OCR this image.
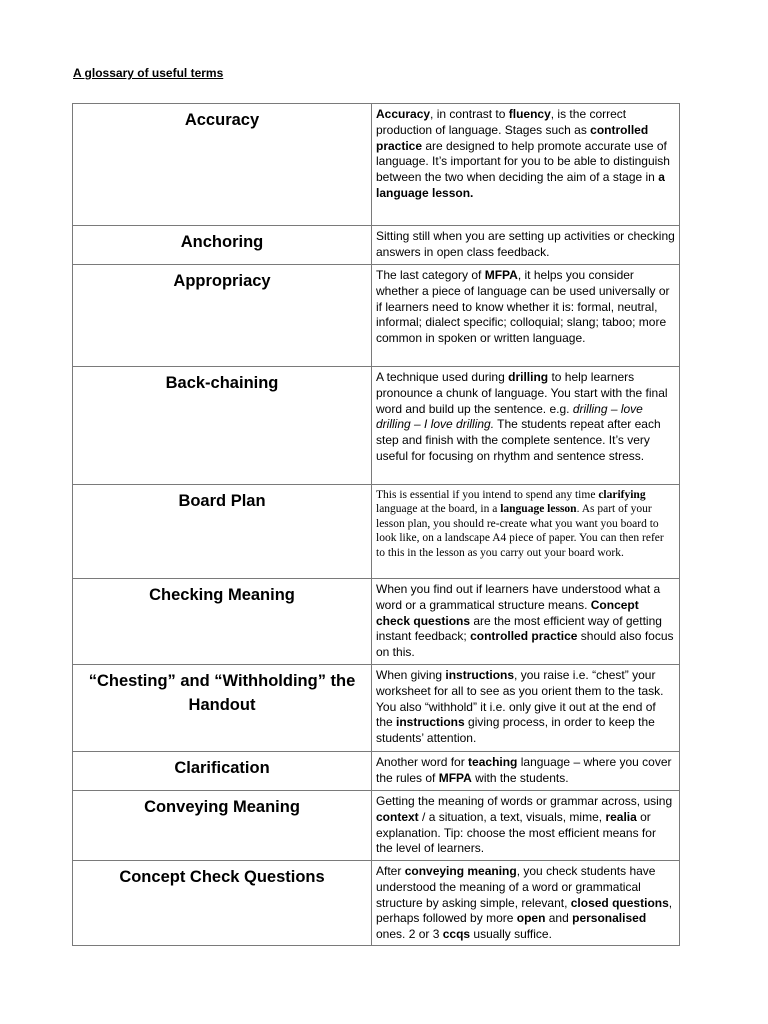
A glossary of useful terms
Accuracy	Accuracy, in contrast to fluency, is the correct production of language. Stages such as controlled practice are designed to help promote accurate use of language. It’s important for you to be able to distinguish between the two when deciding the aim of a stage in a language lesson.

Anchoring	Sitting still when you are setting up activities or checking answers in open class feedback.

Appropriacy	The last category of MFPA, it helps you consider whether a piece of language can be used universally or if learners need to know whether it is: formal, neutral, informal; dialect specific; colloquial; slang; taboo; more common in spoken or written language.

Back-chaining	A technique used during drilling to help learners pronounce a chunk of language. You start with the final word and build up the sentence. e.g. drilling – love drilling – I love drilling. The students repeat after each step and finish with the complete sentence. It’s very useful for focusing on rhythm and sentence stress.

Board Plan	This is essential if you intend to spend any time clarifying language at the board, in a language lesson. As part of your lesson plan, you should re-create what you want you board to look like, on a landscape A4 piece of paper. You can then refer to this in the lesson as you carry out your board work.

Checking Meaning	When you find out if learners have understood what a word or a grammatical structure means. Concept check questions are the most efficient way of getting instant feedback; controlled practice should also focus on this.

“Chesting” and “Withholding” the Handout	When giving instructions, you raise i.e. “chest” your worksheet for all to see as you orient them to the task. You also “withhold” it i.e. only give it out at the end of the instructions giving process, in order to keep the students’ attention.

Clarification	Another word for teaching language – where you cover the rules of MFPA with the students.

Conveying Meaning	Getting the meaning of words or grammar across, using context / a situation, a text, visuals, mime, realia or explanation. Tip: choose the most efficient means for the level of learners.

Concept Check Questions	After conveying meaning, you check students have understood the meaning of a word or grammatical structure by asking simple, relevant, closed questions, perhaps followed by more open and personalised ones. 2 or 3 ccqs usually suffice.
